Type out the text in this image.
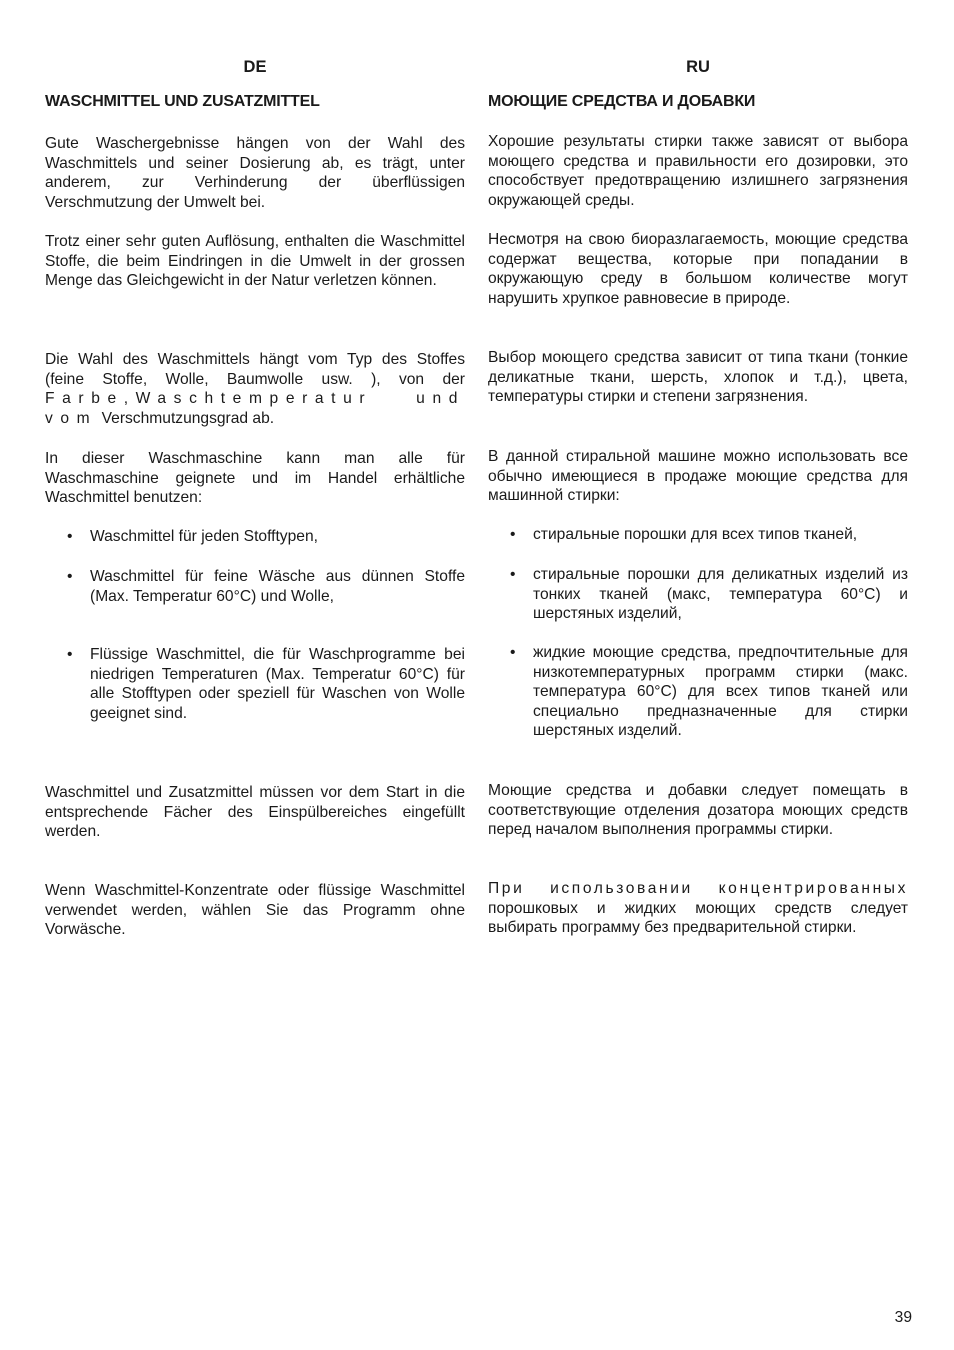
DE

WASCHMITTEL UND ZUSATZMITTEL

Gute Waschergebnisse hängen von der Wahl des Waschmittels und seiner Dosierung ab, es trägt, unter anderem, zur Verhinderung der überflüssigen Verschmutzung der Umwelt bei.

Trotz einer sehr guten Auflösung, enthalten die Waschmittel Stoffe, die beim Eindringen in die Umwelt in der grossen Menge das Gleichgewicht in der Natur verletzen können.

Die Wahl des Waschmittels hängt vom Typ des Stoffes (feine Stoffe, Wolle, Baumwolle usw. ), von der Farbe,Waschtemperatur und vom Verschmutzungsgrad ab.

In dieser Waschmaschine kann man alle für Waschmaschine geignete und im Handel erhältliche Waschmittel benutzen:

• Waschmittel für jeden Stofftypen,
• Waschmittel für feine Wäsche aus dünnen Stoffe (Max. Temperatur 60°C) und Wolle,
• Flüssige Waschmittel, die für Waschprogramme bei niedrigen Temperaturen (Max. Temperatur 60°C) für alle Stofftypen oder speziell für Waschen von Wolle geeignet sind.

Waschmittel und Zusatzmittel müssen vor dem Start in die entsprechende Fächer des Einspülbereiches eingefüllt werden.

Wenn Waschmittel-Konzentrate oder flüssige Waschmittel verwendet werden, wählen Sie das Programm ohne Vorwäsche.

RU

МОЮЩИЕ СРЕДСТВА И ДОБАВКИ

Хорошие результаты стирки также зависят от выбора моющего средства и правильности его дозировки, это способствует предотвращению излишнего загрязнения окружающей среды.

Несмотря на свою биоразлагаемость, моющие средства содержат вещества, которые при попадании в окружающую среду в большом количестве могут нарушить хрупкое равновесие в природе.

Выбор моющего средства зависит от типа ткани (тонкие деликатные ткани, шерсть, хлопок и т.д.), цвета, температуры стирки и степени загрязнения.

В данной стиральной машине можно использовать все обычно имеющиеся в продаже моющие средства для машинной стирки:

• стиральные порошки для всех типов тканей,
• стиральные порошки для деликатных изделий из тонких тканей (макс, температура 60°С) и шерстяных изделий,
• жидкие моющие средства, предпочтительные для низкотемпературных программ стирки (макс. температура 60°С) для всех типов тканей или специально предназначенные для стирки шерстяных изделий.

Моющие средства и добавки следует помещать в соответствующие отделения дозатора моющих средств перед началом выполнения программы стирки.

При использовании концентрированных порошковых и жидких моющих средств следует выбирать программу без предварительной стирки.
39
